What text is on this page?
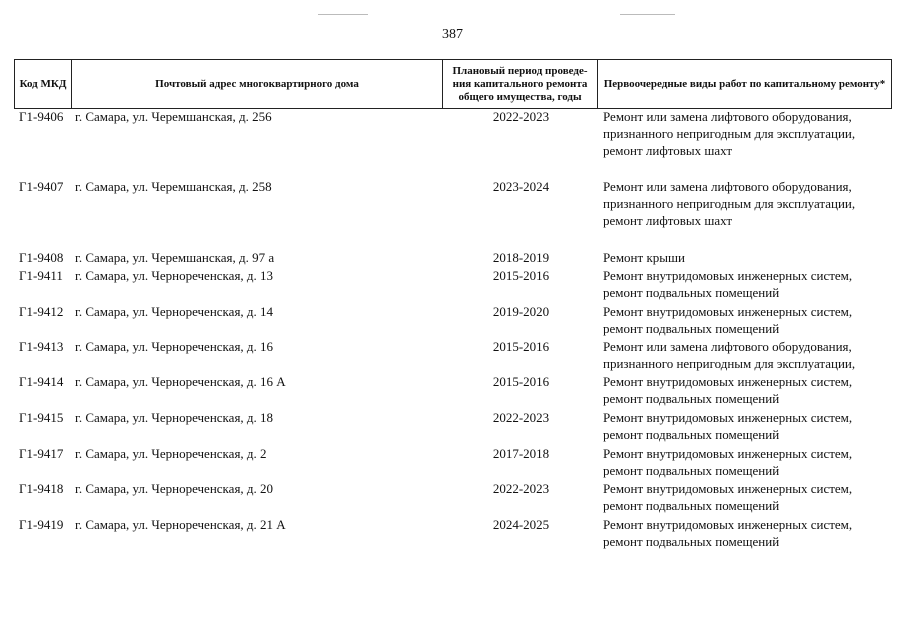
387
Код МКД	Почтовый адрес многоквартирного дома	Плановый период проведе-ния капитального ремонта общего имущества, годы	Первоочередные виды работ по капитальному ремонту*
Г1-9406 г. Самара, ул. Черемшанская, д. 256	2022-2023	Ремонт или замена лифтового оборудования,
признанного непригодным для эксплуатации,
ремонт лифтовых шахт
Г1-9407 г. Самара, ул. Черемшанская, д. 258	2023-2024	Ремонт или замена лифтового оборудования,
признанного непригодным для эксплуатации,
ремонт лифтовых шахт
Г1-9408 г. Самара, ул. Черемшанская, д. 97 а	2018-2019	Ремонт крыши
Г1-9411 г. Самара, ул. Чернореченская, д. 13	2015-2016	Ремонт внутридомовых инженерных систем,
ремонт подвальных помещений
Г1-9412 г. Самара, ул. Чернореченская, д. 14	2019-2020	Ремонт внутридомовых инженерных систем,
ремонт подвальных помещений
Г1-9413 г. Самара, ул. Чернореченская, д. 16	2015-2016	Ремонт или замена лифтового оборудования,
признанного непригодным для эксплуатации,
Г1-9414 г. Самара, ул. Чернореченская, д. 16 А	2015-2016	Ремонт внутридомовых инженерных систем,
ремонт подвальных помещений
Г1-9415 г. Самара, ул. Чернореченская, д. 18	2022-2023	Ремонт внутридомовых инженерных систем,
ремонт подвальных помещений
Г1-9417 г. Самара, ул. Чернореченская, д. 2	2017-2018	Ремонт внутридомовых инженерных систем,
ремонт подвальных помещений
Г1-9418 г. Самара, ул. Чернореченская, д. 20	2022-2023	Ремонт внутридомовых инженерных систем,
ремонт подвальных помещений
Г1-9419 г. Самара, ул. Чернореченская, д. 21 А	2024-2025	Ремонт внутридомовых инженерных систем,
ремонт подвальных помещений
